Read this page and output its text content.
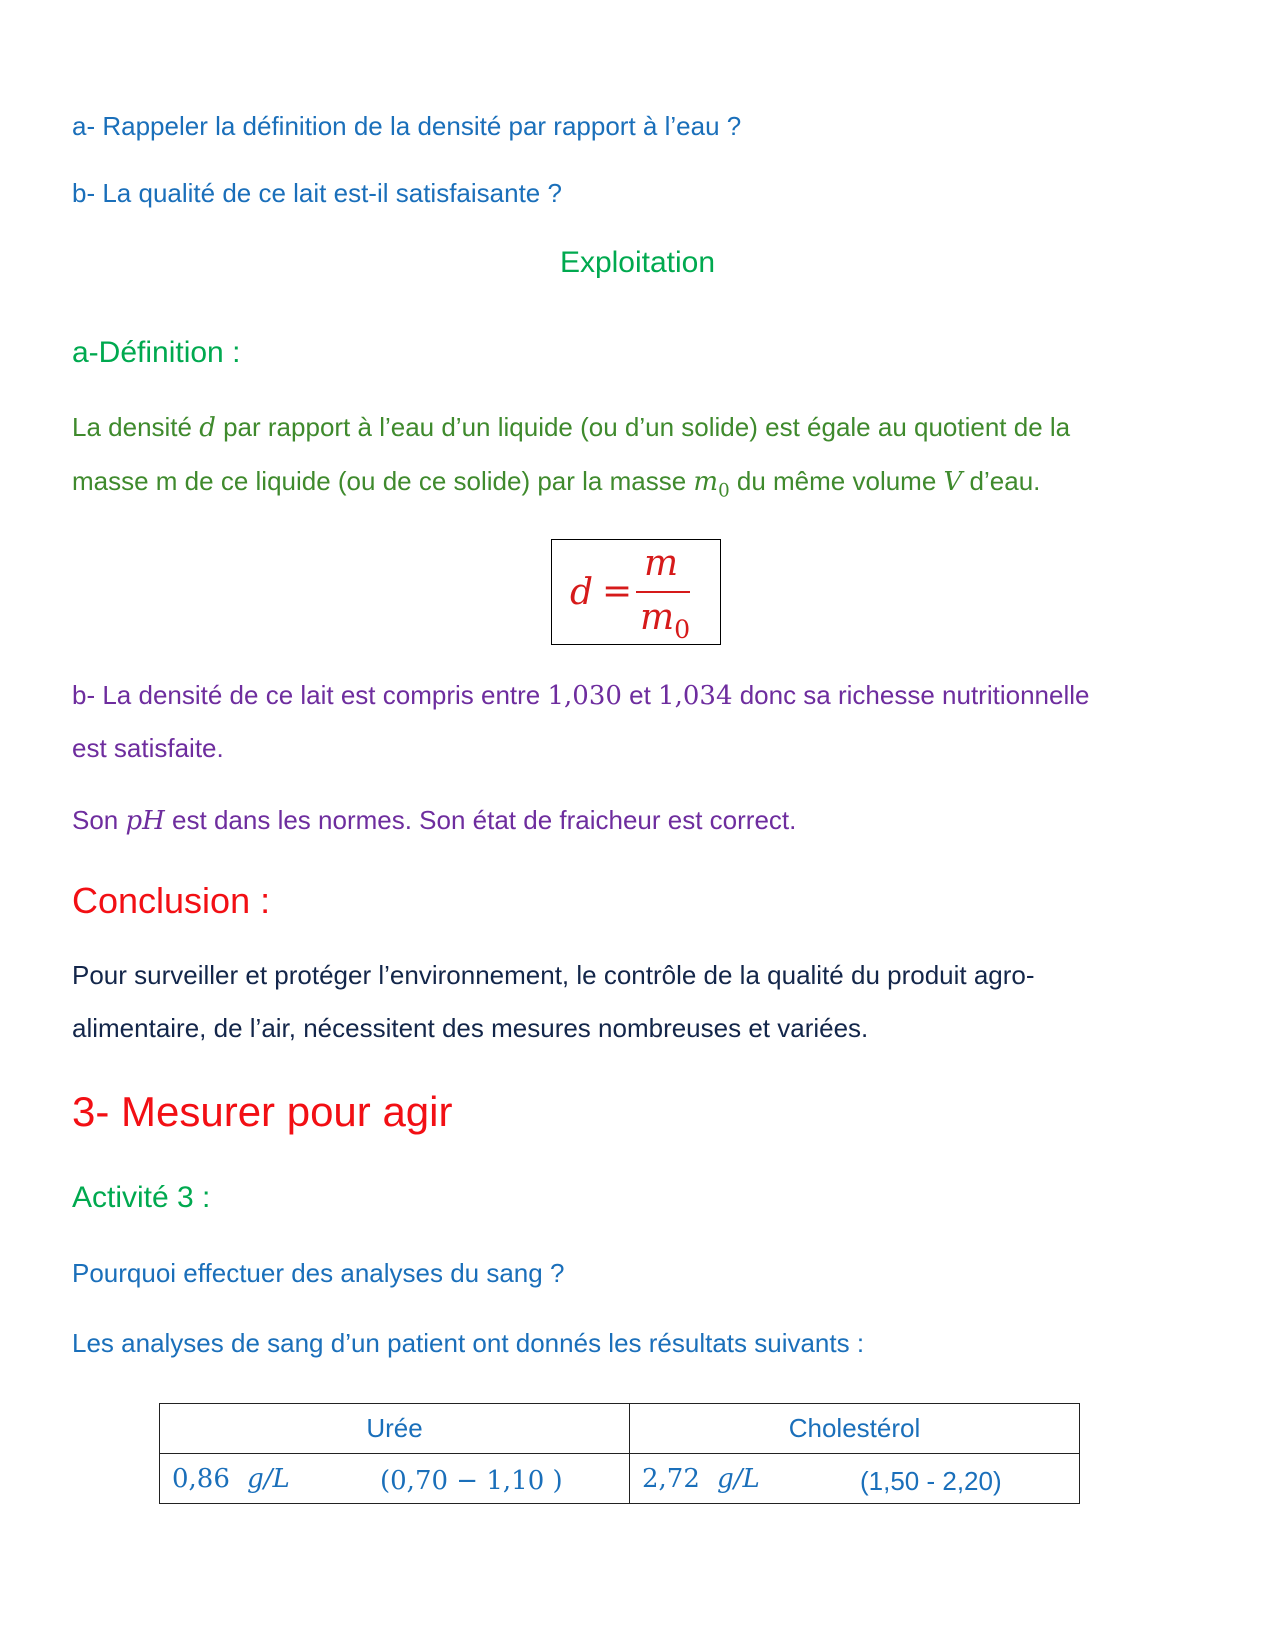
a- Rappeler la définition de la densité par rapport à l’eau ?
b- La qualité de ce lait est-il satisfaisante ?
Exploitation
a-Définition :
La densité d par rapport à l’eau d’un liquide (ou d’un solide) est égale au quotient de la
masse m de ce liquide (ou de ce solide) par la masse $m_0$ du même volume V d’eau.
d =
m
$m_0$
b- La densité de ce lait est compris entre 1,030 et 1,034 donc sa richesse nutritionnelle
est satisfaite.
Son pH est dans les normes. Son état de fraicheur est correct.
Conclusion :
Pour surveiller et protéger l’environnement, le contrôle de la qualité du produit agro-
alimentaire, de l’air, nécessitent des mesures nombreuses et variées.
3- Mesurer pour agir
Activité 3 :
Pourquoi effectuer des analyses du sang ?
Les analyses de sang d’un patient ont donnés les résultats suivants :
Urée	Cholestérol
0,86 g/L (0,70 − 1,10 )	2,72 g/L (1,50 - 2,20)
